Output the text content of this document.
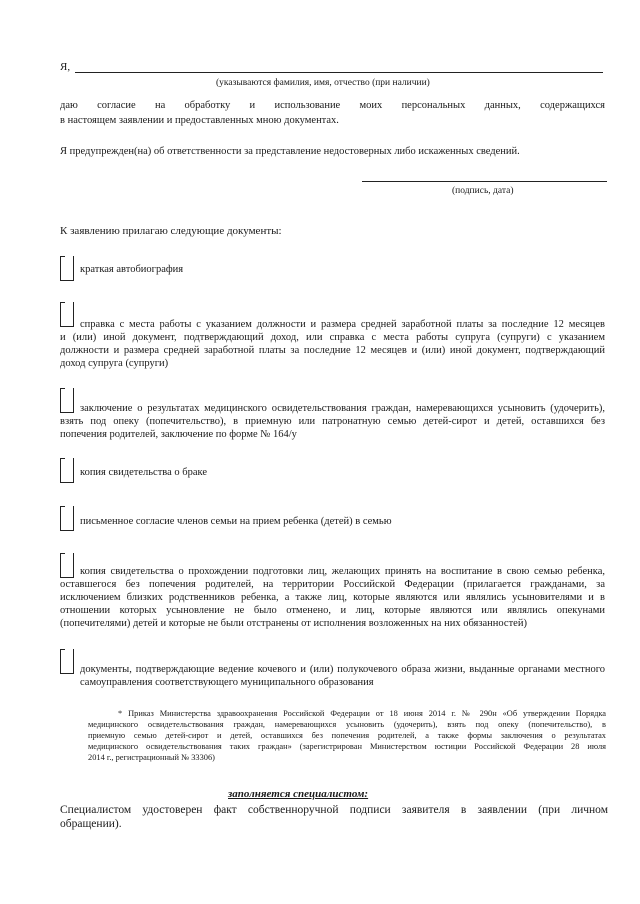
Я,
(указываются фамилия, имя, отчество (при наличии)
даю согласие на обработку и использование моих персональных данных, содержащихся
в настоящем заявлении и предоставленных мною документах.
Я предупрежден(на) об ответственности за представление недостоверных либо искаженных сведений.
(подпись, дата)
К заявлению прилагаю следующие документы:
краткая автобиография
справка с места работы с указанием должности и размера средней заработной платы за последние 12 месяцев
и (или) иной документ, подтверждающий доход, или справка с места работы супруга (супруги) с указанием
должности и размера средней заработной платы за последние 12 месяцев и (или) иной документ, подтверждающий
доход супруга (супруги)
заключение о результатах медицинского освидетельствования граждан, намеревающихся усыновить (удочерить),
взять под опеку (попечительство), в приемную или патронатную семью детей-сирот и детей, оставшихся без
попечения родителей, заключение по форме № 164/у
копия свидетельства о браке
письменное согласие членов семьи на прием ребенка (детей) в семью
копия свидетельства о прохождении подготовки лиц, желающих принять на воспитание в свою семью ребенка,
оставшегося без попечения родителей, на территории Российской Федерации (прилагается гражданами, за
исключением близких родственников ребенка, а также лиц, которые являются или являлись усыновителями и в
отношении которых усыновление не было отменено, и лиц, которые являются или являлись опекунами
(попечителями) детей и которые не были отстранены от исполнения возложенных на них обязанностей)
документы, подтверждающие ведение кочевого и (или) полукочевого образа жизни, выданные органами местного
самоуправления соответствующего муниципального образования
* Приказ Министерства здравоохранения Российской Федерации от 18 июня 2014 г. № 290н «Об утверждении Порядка
медицинского освидетельствования граждан, намеревающихся усыновить (удочерить), взять под опеку (попечительство), в
приемную семью детей-сирот и детей, оставшихся без попечения родителей, а также формы заключения о результатах
медицинского освидетельствования таких граждан» (зарегистрирован Министерством юстиции Российской Федерации 28 июля
2014 г., регистрационный № 33306)
заполняется специалистом:
Специалистом удостоверен факт собственноручной подписи заявителя в заявлении (при личном
обращении).
